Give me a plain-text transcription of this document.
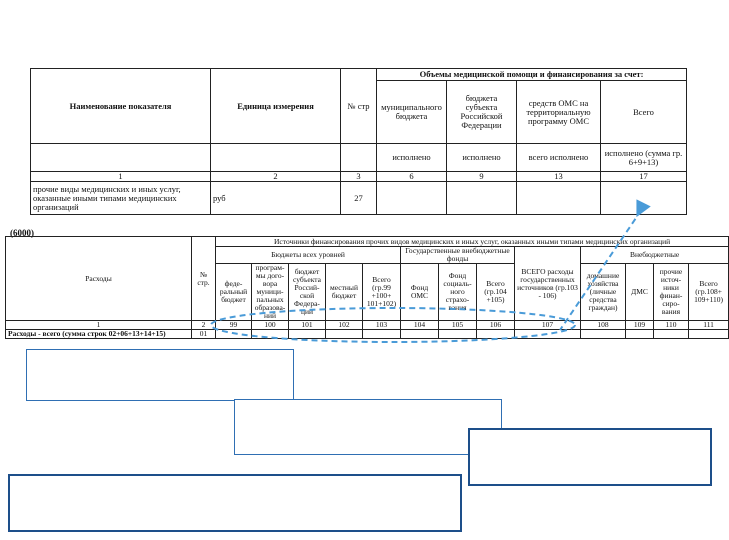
Наименование показателя	Единица измерения	№ стр	Объемы медицинской помощи и финансирования за счет:			
			муниципального бюджета	бюджета субъекта Российской Федерации	средств ОМС на территориальную программу ОМС	Всего
			исполнено	исполнено	всего исполнено	исполнено (сумма гр. 6+9+13)
1	2	3	6	9	13	17
прочие виды медицинских и иных услуг, оказанные иными типами медицинских организаций	руб	27				
(6000)
Расходы	№ стр.	Источники финансирования прочих видов медицинских и иных услуг, оказанных иными типами медицинских организаций												
		Бюджеты всех уровней					Государственные внебюджетные фонды			ВСЕГО расходы государственных источников (гр.103 - 106)	Внебюджетные			
		феде-ральный бюджет	програм-мы дого-вора муници-пальных образова-ний	бюджет субъекта Россий-ской Федера-ции	местный бюджет	Всего (гр.99 +100+ 101+102)	Фонд ОМС	Фонд социаль-ного страхо-вания	Всего (гр.104 +105)		домашние хозяйства (личные средства граждан)	ДМС	прочие источ-ники финан-сиро-вания	Всего (гр.108+ 109+110)
1	2	99	100	101	102	103	104	105	106	107	108	109	110	111
Расходы - всего (сумма строк 02+06+13+14+15)	01													
